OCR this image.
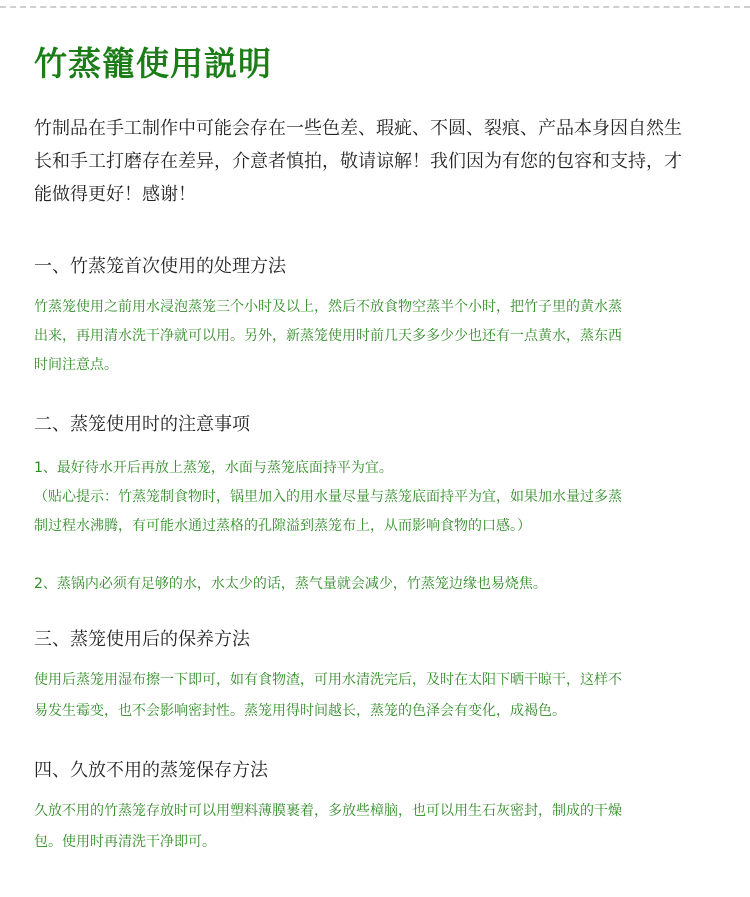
竹蒸籠使用説明
竹制品在手工制作中可能会存在一些色差、瑕疵、不圆、裂痕、产品本身因自然生
长和手工打磨存在差异，介意者慎拍，敬请谅解！我们因为有您的包容和支持，才
能做得更好！感谢！
一、竹蒸笼首次使用的处理方法
竹蒸笼使用之前用水浸泡蒸笼三个小时及以上，然后不放食物空蒸半个小时，把竹子里的黄水蒸
出来，再用清水洗干净就可以用。另外，新蒸笼使用时前几天多多少少也还有一点黄水，蒸东西
时间注意点。
二、蒸笼使用时的注意事项
1、最好待水开后再放上蒸笼，水面与蒸笼底面持平为宜。
（贴心提示：竹蒸笼制食物时，锅里加入的用水量尽量与蒸笼底面持平为宜，如果加水量过多蒸
制过程水沸腾，有可能水通过蒸格的孔隙溢到蒸笼布上，从而影响食物的口感。）
2、蒸锅内必须有足够的水，水太少的话，蒸气量就会减少，竹蒸笼边缘也易烧焦。
三、蒸笼使用后的保养方法
使用后蒸笼用湿布擦一下即可，如有食物渣，可用水清洗完后，及时在太阳下晒干晾干，这样不
易发生霉变，也不会影响密封性。蒸笼用得时间越长，蒸笼的色泽会有变化，成褐色。
四、久放不用的蒸笼保存方法
久放不用的竹蒸笼存放时可以用塑料薄膜裹着，多放些樟脑，也可以用生石灰密封，制成的干燥
包。使用时再清洗干净即可。
